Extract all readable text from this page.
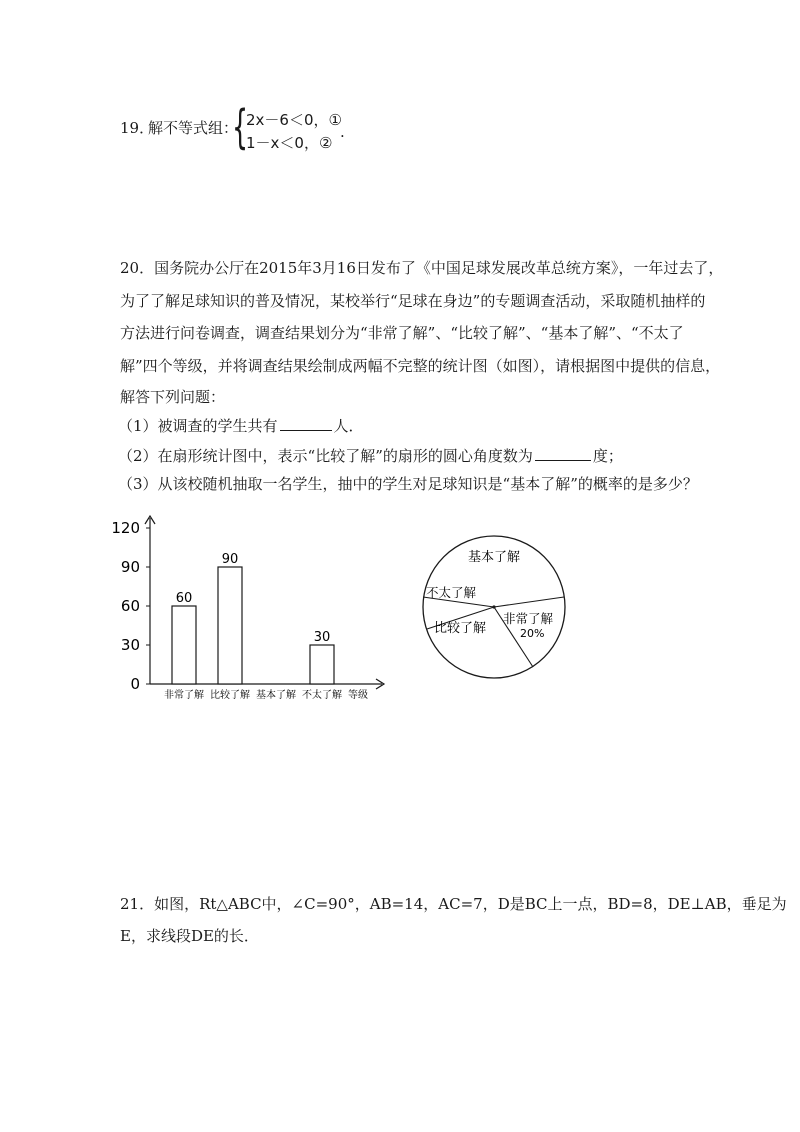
19．
解不等式组：
{
2x－6＜0，①
1－x＜0，②
.
20．国务院办公厅在2015年3月16日发布了《中国足球发展改革总统方案》，一年过去了，
为了了解足球知识的普及情况，某校举行“足球在身边”的专题调查活动，采取随机抽样的
方法进行问卷调查，调查结果划分为“非常了解”、“比较了解”、“基本了解”、“不太了
解”四个等级，并将调查结果绘制成两幅不完整的统计图（如图），请根据图中提供的信息，
解答下列问题：
（1）被调查的学生共有	人．
（2）在扇形统计图中，表示“比较了解”的扇形的圆心角度数为	度；
（3）从该校随机抽取一名学生，抽中的学生对足球知识是“基本了解”的概率的是多少？
0
30
60
90
120
60
90
30
非常了解 比较了解 基本了解 不太了解 等级
基本了解
不太了解
非常了解
20%
比较了解
21．如图，Rt△ABC中，∠C=90°，AB=14，AC=7，D是BC上一点，BD=8，DE⊥AB，垂足为
E，求线段DE的长．
